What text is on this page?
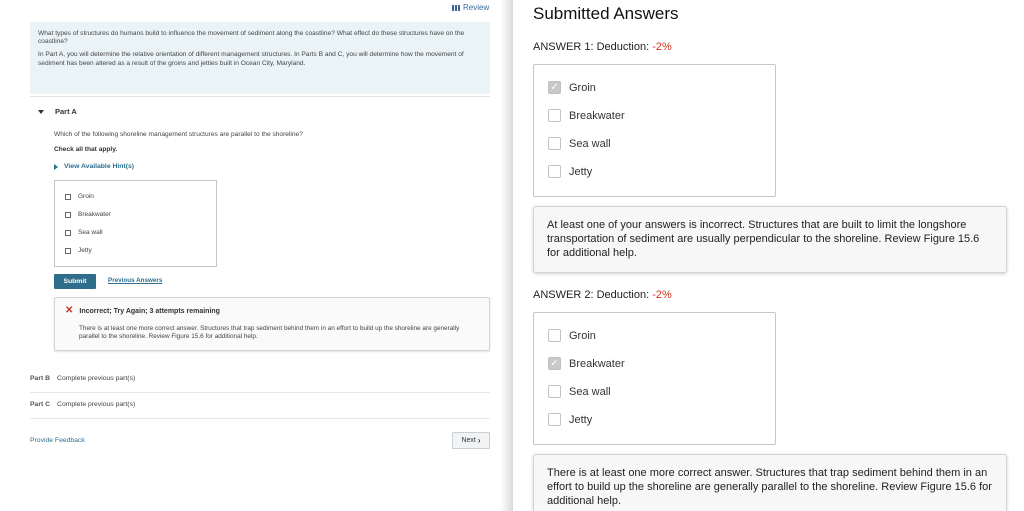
Review

What types of structures do humans build to influence the movement of sediment along the coastline? What effect do these structures have on the coastline?

In Part A, you will determine the relative orientation of different management structures. In Parts B and C, you will determine how the movement of sediment has been altered as a result of the groins and jetties built in Ocean City, Maryland.

Part A
Which of the following shoreline management structures are parallel to the shoreline?
Check all that apply.
View Available Hint(s)
Groin
Breakwater
Sea wall
Jetty
Submit	Previous Answers
✕ Incorrect; Try Again; 3 attempts remaining
There is at least one more correct answer. Structures that trap sediment behind them in an effort to build up the shoreline are generally parallel to the shoreline. Review Figure 15.6 for additional help.
Part B Complete previous part(s)
Part C Complete previous part(s)
Provide Feedback	Next ›
Submitted Answers
ANSWER 1: Deduction: -2%
✓ Groin
Breakwater
Sea wall
Jetty
At least one of your answers is incorrect. Structures that are built to limit the longshore transportation of sediment are usually perpendicular to the shoreline. Review Figure 15.6 for additional help.
ANSWER 2: Deduction: -2%
Groin
✓ Breakwater
Sea wall
Jetty
There is at least one more correct answer. Structures that trap sediment behind them in an effort to build up the shoreline are generally parallel to the shoreline. Review Figure 15.6 for additional help.
